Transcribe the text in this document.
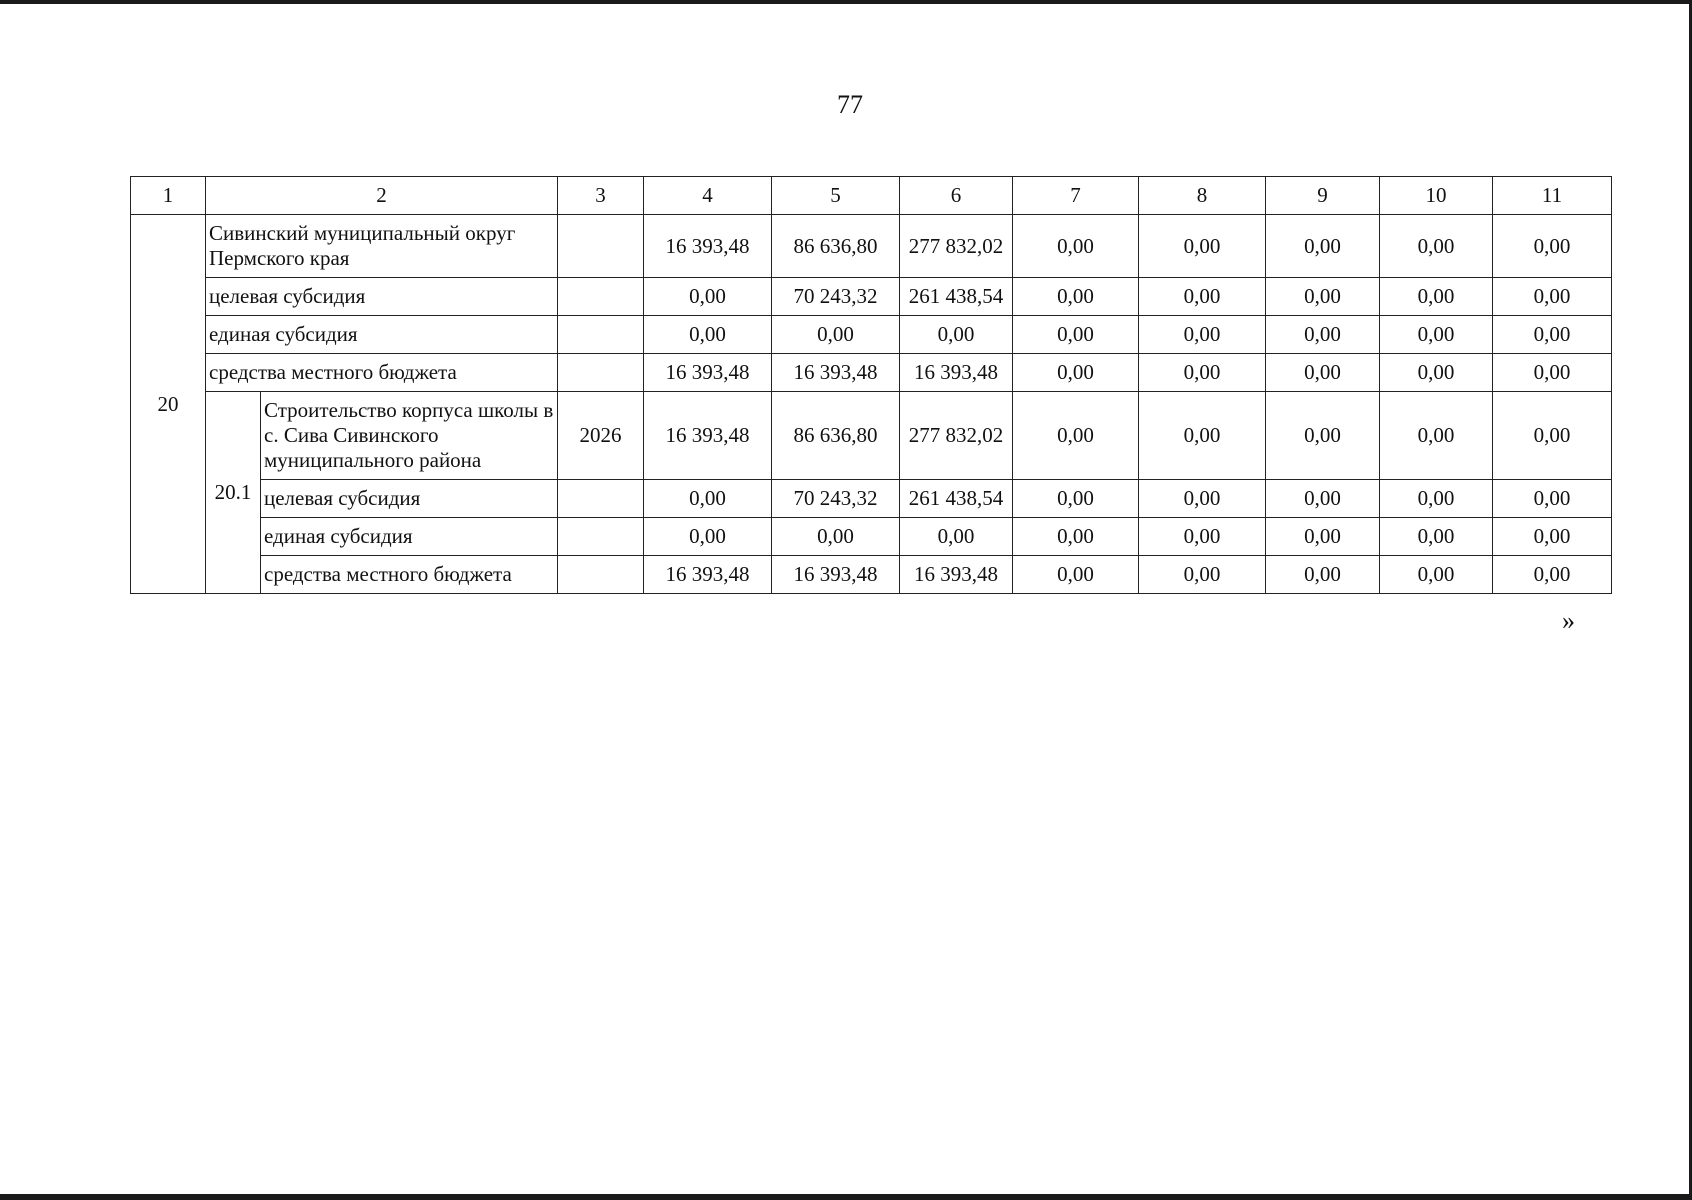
77
1	2		3	4	5	6	7	8	9	10	11
20	Сивинский муниципальный округ Пермского края			16 393,48	86 636,80	277 832,02	0,00	0,00	0,00	0,00	0,00
	целевая субсидия			0,00	70 243,32	261 438,54	0,00	0,00	0,00	0,00	0,00
	единая субсидия			0,00	0,00	0,00	0,00	0,00	0,00	0,00	0,00
	средства местного бюджета			16 393,48	16 393,48	16 393,48	0,00	0,00	0,00	0,00	0,00
	20.1	Строительство корпуса школы в с. Сива Сивинского муниципального района	2026	16 393,48	86 636,80	277 832,02	0,00	0,00	0,00	0,00	0,00
		целевая субсидия		0,00	70 243,32	261 438,54	0,00	0,00	0,00	0,00	0,00
		единая субсидия		0,00	0,00	0,00	0,00	0,00	0,00	0,00	0,00
		средства местного бюджета		16 393,48	16 393,48	16 393,48	0,00	0,00	0,00	0,00	0,00
»
